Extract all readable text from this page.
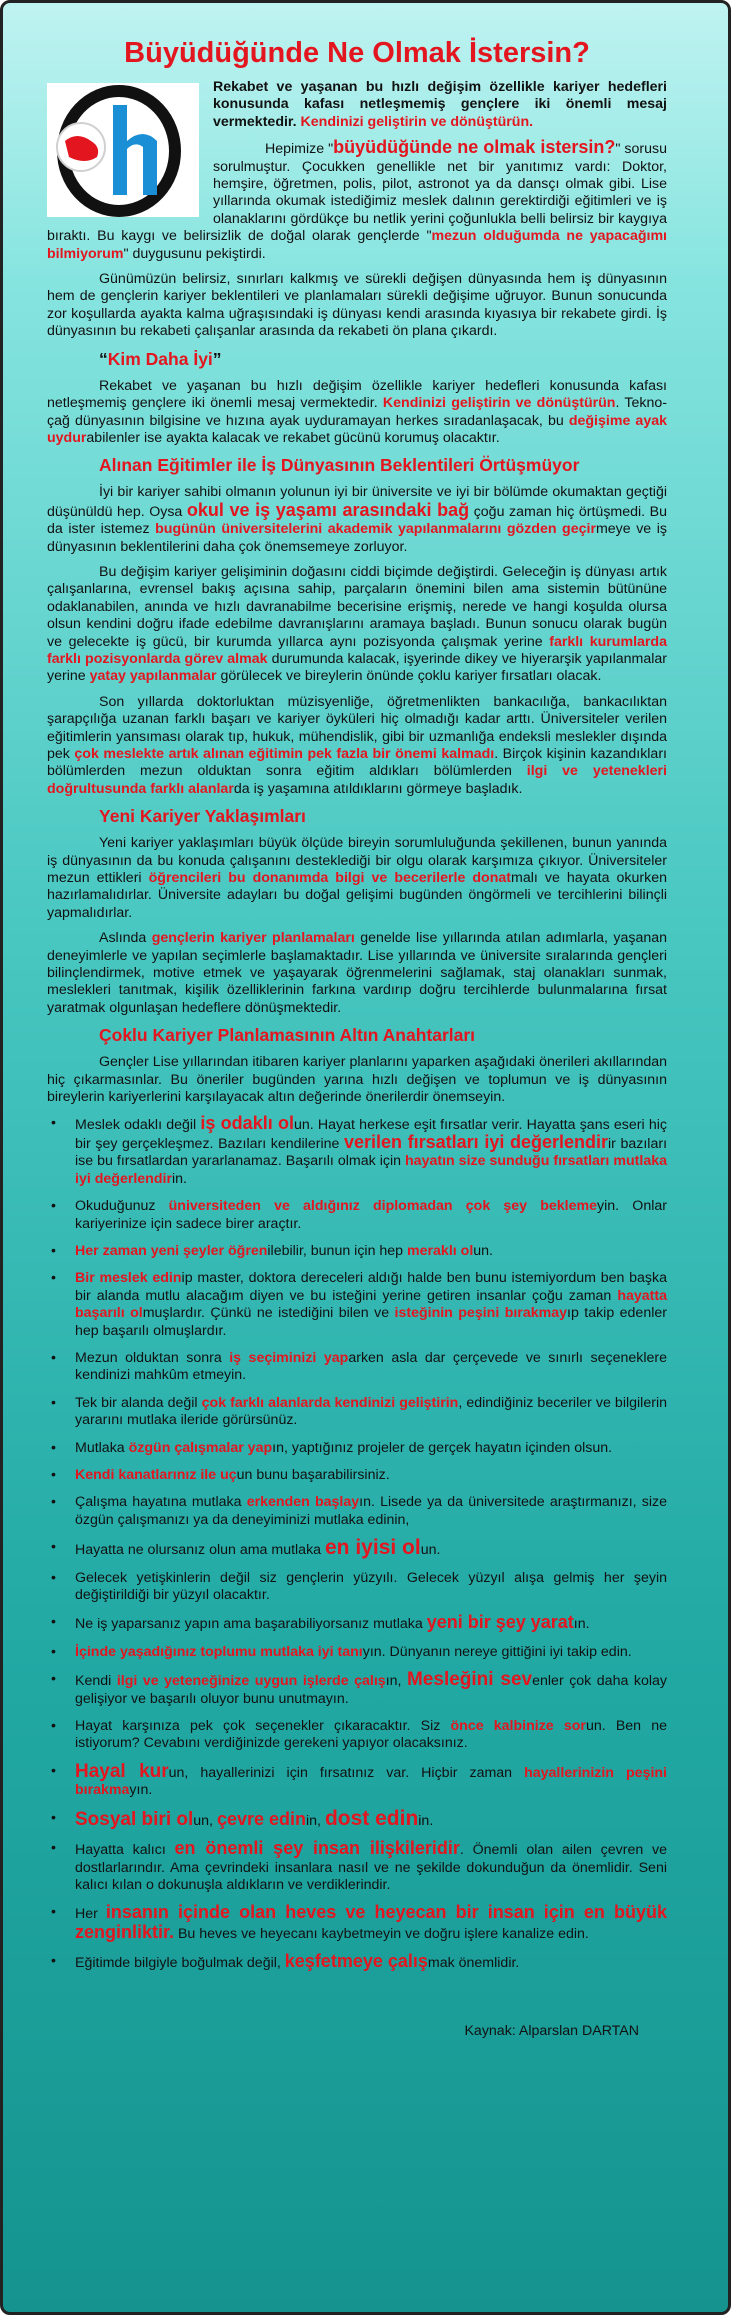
Büyüdüğünde Ne Olmak İstersin?

Rekabet ve yaşanan bu hızlı değişim özellikle kariyer hedefleri konusunda kafası netleşmemiş gençlere iki önemli mesaj vermektedir. Kendinizi geliştirin ve dönüştürün.

Hepimize "büyüdüğünde ne olmak istersin?" sorusu sorulmuştur. Çocukken genellikle net bir yanıtımız vardı: Doktor, hemşire, öğretmen, polis, pilot, astronot ya da dansçı olmak gibi. Lise yıllarında okumak istediğimiz meslek dalının gerektirdiği eğitimleri ve iş olanaklarını gördükçe bu netlik yerini çoğunlukla belli belirsiz bir kaygıya bıraktı. Bu kaygı ve belirsizlik de doğal olarak gençlerde "mezun olduğumda ne yapacağımı bilmiyorum" duygusunu pekiştirdi.

Günümüzün belirsiz, sınırları kalkmış ve sürekli değişen dünyasında hem iş dünyasının hem de gençlerin kariyer beklentileri ve planlamaları sürekli değişime uğruyor. Bunun sonucunda zor koşullarda ayakta kalma uğraşısındaki iş dünyası kendi arasında kıyasıya bir rekabete girdi. İş dünyasının bu rekabeti çalışanlar arasında da rekabeti ön plana çıkardı.

“Kim Daha İyi”

Rekabet ve yaşanan bu hızlı değişim özellikle kariyer hedefleri konusunda kafası netleşmemiş gençlere iki önemli mesaj vermektedir. Kendinizi geliştirin ve dönüştürün. Tekno-çağ dünyasının bilgisine ve hızına ayak uyduramayan herkes sıradanlaşacak, bu değişime ayak uydurabilenler ise ayakta kalacak ve rekabet gücünü korumuş olacaktır.

Alınan Eğitimler ile İş Dünyasının Beklentileri Örtüşmüyor

İyi bir kariyer sahibi olmanın yolunun iyi bir üniversite ve iyi bir bölümde okumaktan geçtiği düşünüldü hep. Oysa okul ve iş yaşamı arasındaki bağ çoğu zaman hiç örtüşmedi. Bu da ister istemez bugünün üniversitelerini akademik yapılanmalarını gözden geçirmeye ve iş dünyasının beklentilerini daha çok önemsemeye zorluyor.

Bu değişim kariyer gelişiminin doğasını ciddi biçimde değiştirdi. Geleceğin iş dünyası artık çalışanlarına, evrensel bakış açısına sahip, parçaların önemini bilen ama sistemin bütününe odaklanabilen, anında ve hızlı davranabilme becerisine erişmiş, nerede ve hangi koşulda olursa olsun kendini doğru ifade edebilme davranışlarını aramaya başladı. Bunun sonucu olarak bugün ve gelecekte iş gücü, bir kurumda yıllarca aynı pozisyonda çalışmak yerine farklı kurumlarda farklı pozisyonlarda görev almak durumunda kalacak, işyerinde dikey ve hiyerarşik yapılanmalar yerine yatay yapılanmalar görülecek ve bireylerin önünde çoklu kariyer fırsatları olacak.

Son yıllarda doktorluktan müzisyenliğe, öğretmenlikten bankacılığa, bankacılıktan şarapçılığa uzanan farklı başarı ve kariyer öyküleri hiç olmadığı kadar arttı. Üniversiteler verilen eğitimlerin yansıması olarak tıp, hukuk, mühendislik, gibi bir uzmanlığa endeksli meslekler dışında pek çok meslekte artık alınan eğitimin pek fazla bir önemi kalmadı. Birçok kişinin kazandıkları bölümlerden mezun olduktan sonra eğitim aldıkları bölümlerden ilgi ve yetenekleri doğrultusunda farklı alanlarda iş yaşamına atıldıklarını görmeye başladık.

Yeni Kariyer Yaklaşımları

Yeni kariyer yaklaşımları büyük ölçüde bireyin sorumluluğunda şekillenen, bunun yanında iş dünyasının da bu konuda çalışanını desteklediği bir olgu olarak karşımıza çıkıyor. Üniversiteler mezun ettikleri öğrencileri bu donanımda bilgi ve becerilerle donatmalı ve hayata okurken hazırlamalıdırlar. Üniversite adayları bu doğal gelişimi bugünden öngörmeli ve tercihlerini bilinçli yapmalıdırlar.

Aslında gençlerin kariyer planlamaları genelde lise yıllarında atılan adımlarla, yaşanan deneyimlerle ve yapılan seçimlerle başlamaktadır. Lise yıllarında ve üniversite sıralarında gençleri bilinçlendirmek, motive etmek ve yaşayarak öğrenmelerini sağlamak, staj olanakları sunmak, meslekleri tanıtmak, kişilik özelliklerinin farkına vardırıp doğru tercihlerde bulunmalarına fırsat yaratmak olgunlaşan hedeflere dönüşmektedir.

Çoklu Kariyer Planlamasının Altın Anahtarları

Gençler Lise yıllarından itibaren kariyer planlarını yaparken aşağıdaki önerileri akıllarından hiç çıkarmasınlar. Bu öneriler bugünden yarına hızlı değişen ve toplumun ve iş dünyasının bireylerin kariyerlerini karşılayacak altın değerinde önerilerdir önemseyin.

• Meslek odaklı değil iş odaklı olun. Hayat herkese eşit fırsatlar verir. Hayatta şans eseri hiç bir şey gerçekleşmez. Bazıları kendilerine verilen fırsatları iyi değerlendirir bazıları ise bu fırsatlardan yararlanamaz. Başarılı olmak için hayatın size sunduğu fırsatları mutlaka iyi değerlendirin.
• Okuduğunuz üniversiteden ve aldığınız diplomadan çok şey beklemeyin. Onlar kariyerinize için sadece birer araçtır.
• Her zaman yeni şeyler öğrenilebilir, bunun için hep meraklı olun.
• Bir meslek edinip master, doktora dereceleri aldığı halde ben bunu istemiyordum ben başka bir alanda mutlu alacağım diyen ve bu isteğini yerine getiren insanlar çoğu zaman hayatta başarılı olmuşlardır. Çünkü ne istediğini bilen ve isteğinin peşini bırakmayıp takip edenler hep başarılı olmuşlardır.
• Mezun olduktan sonra iş seçiminizi yaparken asla dar çerçevede ve sınırlı seçeneklere kendinizi mahkûm etmeyin.
• Tek bir alanda değil çok farklı alanlarda kendinizi geliştirin, edindiğiniz beceriler ve bilgilerin yararını mutlaka ileride görürsünüz.
• Mutlaka özgün çalışmalar yapın, yaptığınız projeler de gerçek hayatın içinden olsun.
• Kendi kanatlarınız ile uçun bunu başarabilirsiniz.
• Çalışma hayatına mutlaka erkenden başlayın. Lisede ya da üniversitede araştırmanızı, size özgün çalışmanızı ya da deneyiminizi mutlaka edinin,
• Hayatta ne olursanız olun ama mutlaka en iyisi olun.
• Gelecek yetişkinlerin değil siz gençlerin yüzyılı. Gelecek yüzyıl alışa gelmiş her şeyin değiştirildiği bir yüzyıl olacaktır.
• Ne iş yaparsanız yapın ama başarabiliyorsanız mutlaka yeni bir şey yaratın.
• İçinde yaşadığınız toplumu mutlaka iyi tanıyın. Dünyanın nereye gittiğini iyi takip edin.
• Kendi ilgi ve yeteneğinize uygun işlerde çalışın, Mesleğini sevenler çok daha kolay gelişiyor ve başarılı oluyor bunu unutmayın.
• Hayat karşınıza pek çok seçenekler çıkaracaktır. Siz önce kalbinize sorun. Ben ne istiyorum? Cevabını verdiğinizde gerekeni yapıyor olacaksınız.
• Hayal kurun, hayallerinizi için fırsatınız var. Hiçbir zaman hayallerinizin peşini bırakmayın.
• Sosyal biri olun, çevre edinin, dost edinin.
• Hayatta kalıcı en önemli şey insan ilişkileridir. Önemli olan ailen çevren ve dostlarlarındır. Ama çevrindeki insanlara nasıl ve ne şekilde dokunduğun da önemlidir. Seni kalıcı kılan o dokunuşla aldıkların ve verdiklerindir.
• Her insanın içinde olan heves ve heyecan bir insan için en büyük zenginliktir. Bu heves ve heyecanı kaybetmeyin ve doğru işlere kanalize edin.
• Eğitimde bilgiyle boğulmak değil, keşfetmeye çalışmak önemlidir.
Kaynak: Alparslan DARTAN
